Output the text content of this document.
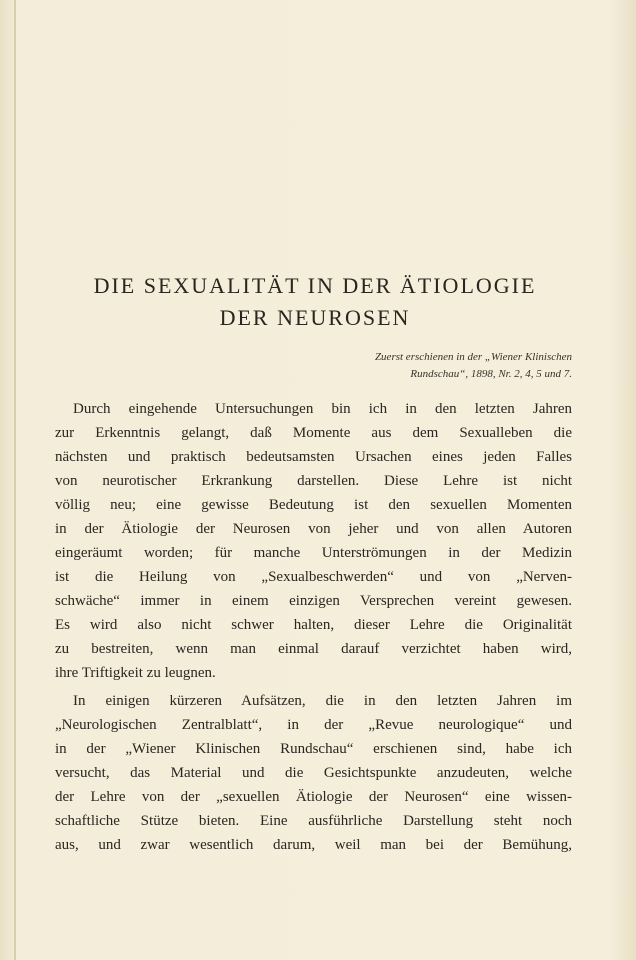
DIE SEXUALITÄT IN DER ÄTIOLOGIE
DER NEUROSEN
Zuerst erschienen in der „Wiener Klinischen
Rundschau“, 1898, Nr. 2, 4, 5 und 7.
Durch eingehende Untersuchungen bin ich in den letzten Jahren
zur Erkenntnis gelangt, daß Momente aus dem Sexualleben die
nächsten und praktisch bedeutsamsten Ursachen eines jeden Falles
von neurotischer Erkrankung darstellen. Diese Lehre ist nicht
völlig neu; eine gewisse Bedeutung ist den sexuellen Momenten
in der Ätiologie der Neurosen von jeher und von allen Autoren
eingeräumt worden; für manche Unterströmungen in der Medizin
ist die Heilung von „Sexualbeschwerden“ und von „Nerven-
schwäche“ immer in einem einzigen Versprechen vereint gewesen.
Es wird also nicht schwer halten, dieser Lehre die Originalität
zu bestreiten, wenn man einmal darauf verzichtet haben wird,
ihre Triftigkeit zu leugnen.
In einigen kürzeren Aufsätzen, die in den letzten Jahren im
„Neurologischen Zentralblatt“, in der „Revue neurologique“ und
in der „Wiener Klinischen Rundschau“ erschienen sind, habe ich
versucht, das Material und die Gesichtspunkte anzudeuten, welche
der Lehre von der „sexuellen Ätiologie der Neurosen“ eine wissen-
schaftliche Stütze bieten. Eine ausführliche Darstellung steht noch
aus, und zwar wesentlich darum, weil man bei der Bemühung,
